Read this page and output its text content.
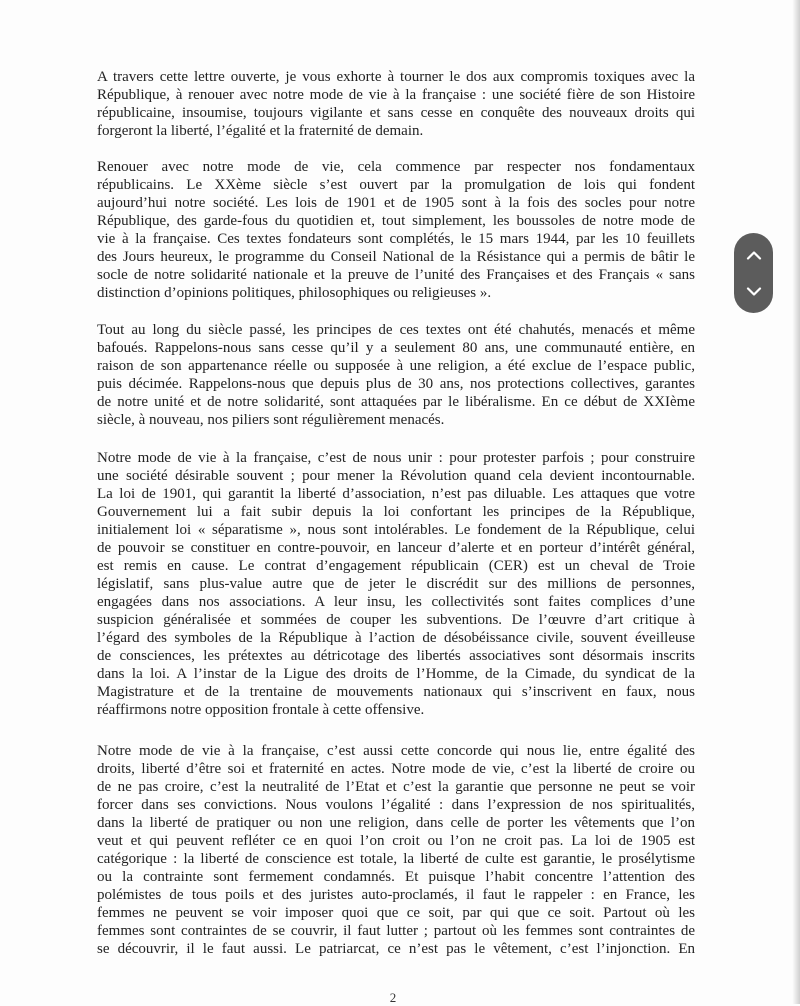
A travers cette lettre ouverte, je vous exhorte à tourner le dos aux compromis toxiques avec la
République, à renouer avec notre mode de vie à la française : une société fière de son Histoire
républicaine, insoumise, toujours vigilante et sans cesse en conquête des nouveaux droits qui
forgeront la liberté, l’égalité et la fraternité de demain.
Renouer avec notre mode de vie, cela commence par respecter nos fondamentaux
républicains. Le XXème siècle s’est ouvert par la promulgation de lois qui fondent
aujourd’hui notre société. Les lois de 1901 et de 1905 sont à la fois des socles pour notre
République, des garde-fous du quotidien et, tout simplement, les boussoles de notre mode de
vie à la française. Ces textes fondateurs sont complétés, le 15 mars 1944, par les 10 feuillets
des Jours heureux, le programme du Conseil National de la Résistance qui a permis de bâtir le
socle de notre solidarité nationale et la preuve de l’unité des Françaises et des Français « sans
distinction d’opinions politiques, philosophiques ou religieuses ».
Tout au long du siècle passé, les principes de ces textes ont été chahutés, menacés et même
bafoués. Rappelons-nous sans cesse qu’il y a seulement 80 ans, une communauté entière, en
raison de son appartenance réelle ou supposée à une religion, a été exclue de l’espace public,
puis décimée. Rappelons-nous que depuis plus de 30 ans, nos protections collectives, garantes
de notre unité et de notre solidarité, sont attaquées par le libéralisme. En ce début de XXIème
siècle, à nouveau, nos piliers sont régulièrement menacés.
Notre mode de vie à la française, c’est de nous unir : pour protester parfois ; pour construire
une société désirable souvent ; pour mener la Révolution quand cela devient incontournable.
La loi de 1901, qui garantit la liberté d’association, n’est pas diluable. Les attaques que votre
Gouvernement lui a fait subir depuis la loi confortant les principes de la République,
initialement loi « séparatisme », nous sont intolérables. Le fondement de la République, celui
de pouvoir se constituer en contre-pouvoir, en lanceur d’alerte et en porteur d’intérêt général,
est remis en cause. Le contrat d’engagement républicain (CER) est un cheval de Troie
législatif, sans plus-value autre que de jeter le discrédit sur des millions de personnes,
engagées dans nos associations. A leur insu, les collectivités sont faites complices d’une
suspicion généralisée et sommées de couper les subventions. De l’œuvre d’art critique à
l’égard des symboles de la République à l’action de désobéissance civile, souvent éveilleuse
de consciences, les prétextes au détricotage des libertés associatives sont désormais inscrits
dans la loi. A l’instar de la Ligue des droits de l’Homme, de la Cimade, du syndicat de la
Magistrature et de la trentaine de mouvements nationaux qui s’inscrivent en faux, nous
réaffirmons notre opposition frontale à cette offensive.
Notre mode de vie à la française, c’est aussi cette concorde qui nous lie, entre égalité des
droits, liberté d’être soi et fraternité en actes. Notre mode de vie, c’est la liberté de croire ou
de ne pas croire, c’est la neutralité de l’Etat et c’est la garantie que personne ne peut se voir
forcer dans ses convictions. Nous voulons l’égalité : dans l’expression de nos spiritualités,
dans la liberté de pratiquer ou non une religion, dans celle de porter les vêtements que l’on
veut et qui peuvent refléter ce en quoi l’on croit ou l’on ne croit pas. La loi de 1905 est
catégorique : la liberté de conscience est totale, la liberté de culte est garantie, le prosélytisme
ou la contrainte sont fermement condamnés. Et puisque l’habit concentre l’attention des
polémistes de tous poils et des juristes auto-proclamés, il faut le rappeler : en France, les
femmes ne peuvent se voir imposer quoi que ce soit, par qui que ce soit. Partout où les
femmes sont contraintes de se couvrir, il faut lutter ; partout où les femmes sont contraintes de
se découvrir, il le faut aussi. Le patriarcat, ce n’est pas le vêtement, c’est l’injonction. En
2
